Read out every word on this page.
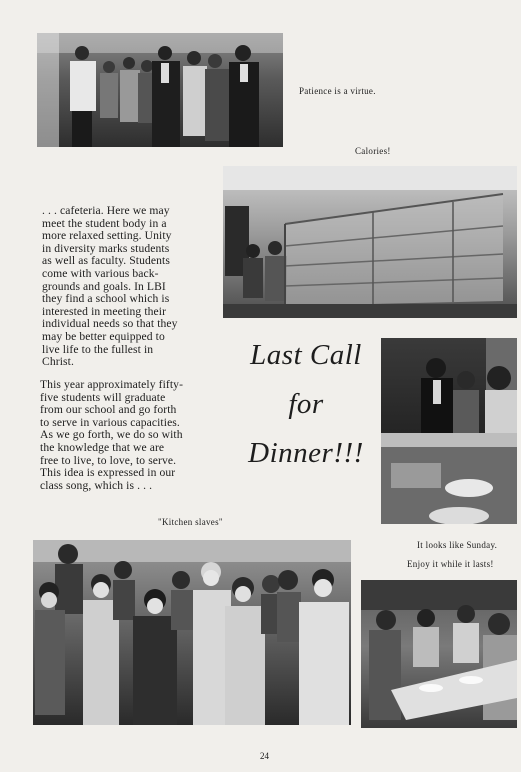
Patience is a virtue.
Calories!
. . . cafeteria. Here we may
meet the student body in a
more relaxed setting. Unity
in diversity marks students
as well as faculty. Students
come with various back-
grounds and goals. In LBI
they find a school which is
interested in meeting their
individual needs so that they
may be better equipped to
live life to the fullest in
Christ.
This year approximately fifty-
five students will graduate
from our school and go forth
to serve in various capacities.
As we go forth, we do so with
the knowledge that we are
free to live, to love, to serve.
This idea is expressed in our
class song, which is . . .
Last Call
for
Dinner!!!
"Kitchen slaves"
It looks like Sunday.
Enjoy it while it lasts!
24
